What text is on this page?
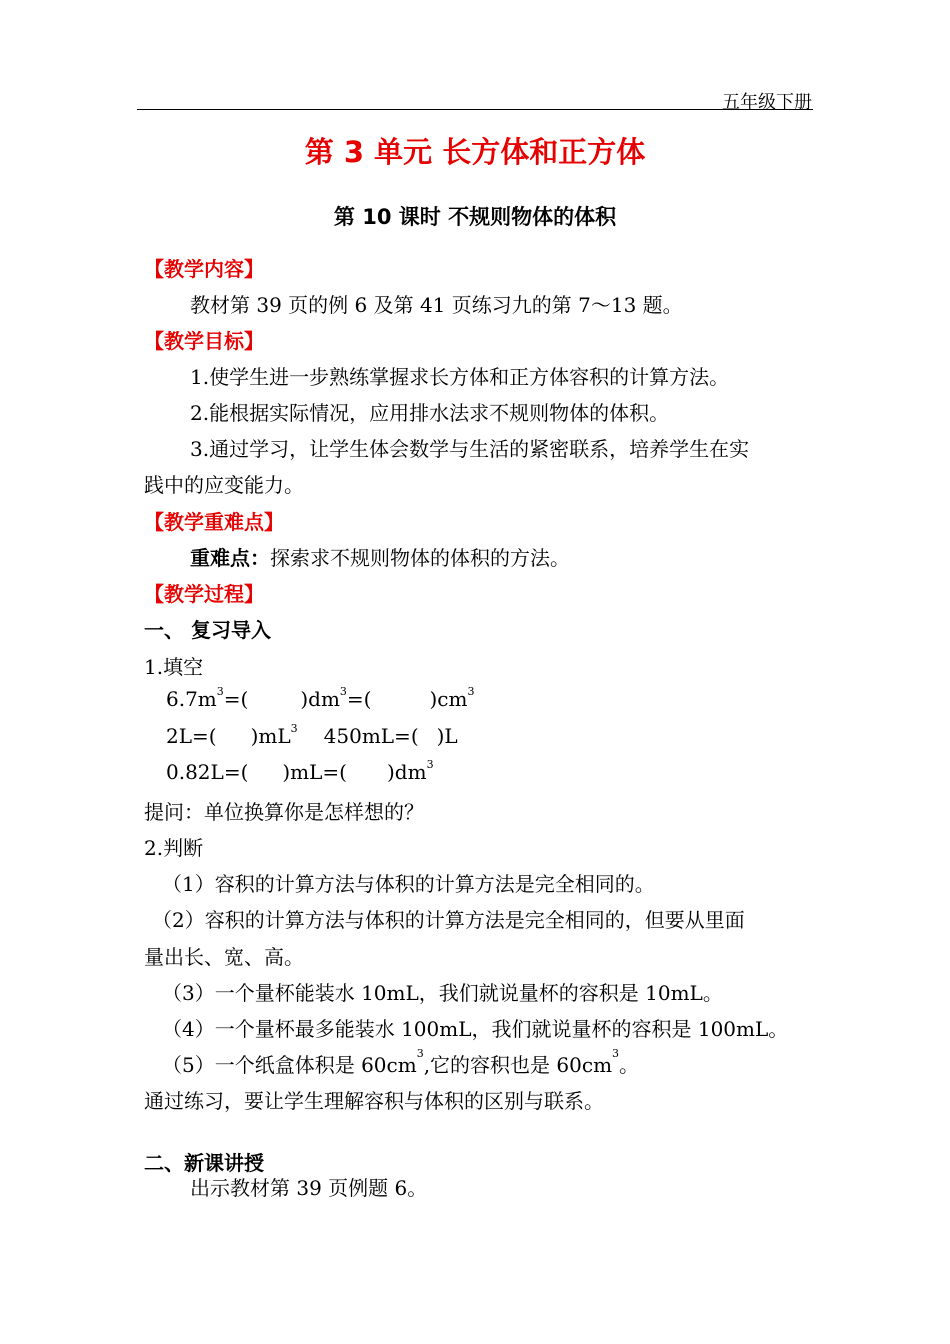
五年级下册
第 3 单元 长方体和正方体
第 10 课时 不规则物体的体积
【教学内容】
教材第 39 页的例 6 及第 41 页练习九的第 7～13 题。
【教学目标】
1.使学生进一步熟练掌握求长方体和正方体容积的计算方法。
2.能根据实际情况，应用排水法求不规则物体的体积。
3.通过学习，让学生体会数学与生活的紧密联系，培养学生在实
践中的应变能力。
【教学重难点】
重难点：探索求不规则物体的体积的方法。
【教学过程】
一、 复习导入
1.填空
$6.7m^3=$(	)$dm^3=$(	)$cm^3$
2L=( )$mL^3$ 450mL=( )L
0.82L=( )mL=( )$dm^3$
提问：单位换算你是怎样想的？
2.判断
（1）容积的计算方法与体积的计算方法是完全相同的。
（2）容积的计算方法与体积的计算方法是完全相同的，但要从里面
量出长、宽、高。
（3）一个量杯能装水 10mL，我们就说量杯的容积是 10mL。
（4）一个量杯最多能装水 100mL，我们就说量杯的容积是 100mL。
（5）一个纸盒体积是 $60cm^3$,它的容积也是 $60cm^3$。
通过练习，要让学生理解容积与体积的区别与联系。
二、新课讲授
出示教材第 39 页例题 6。
